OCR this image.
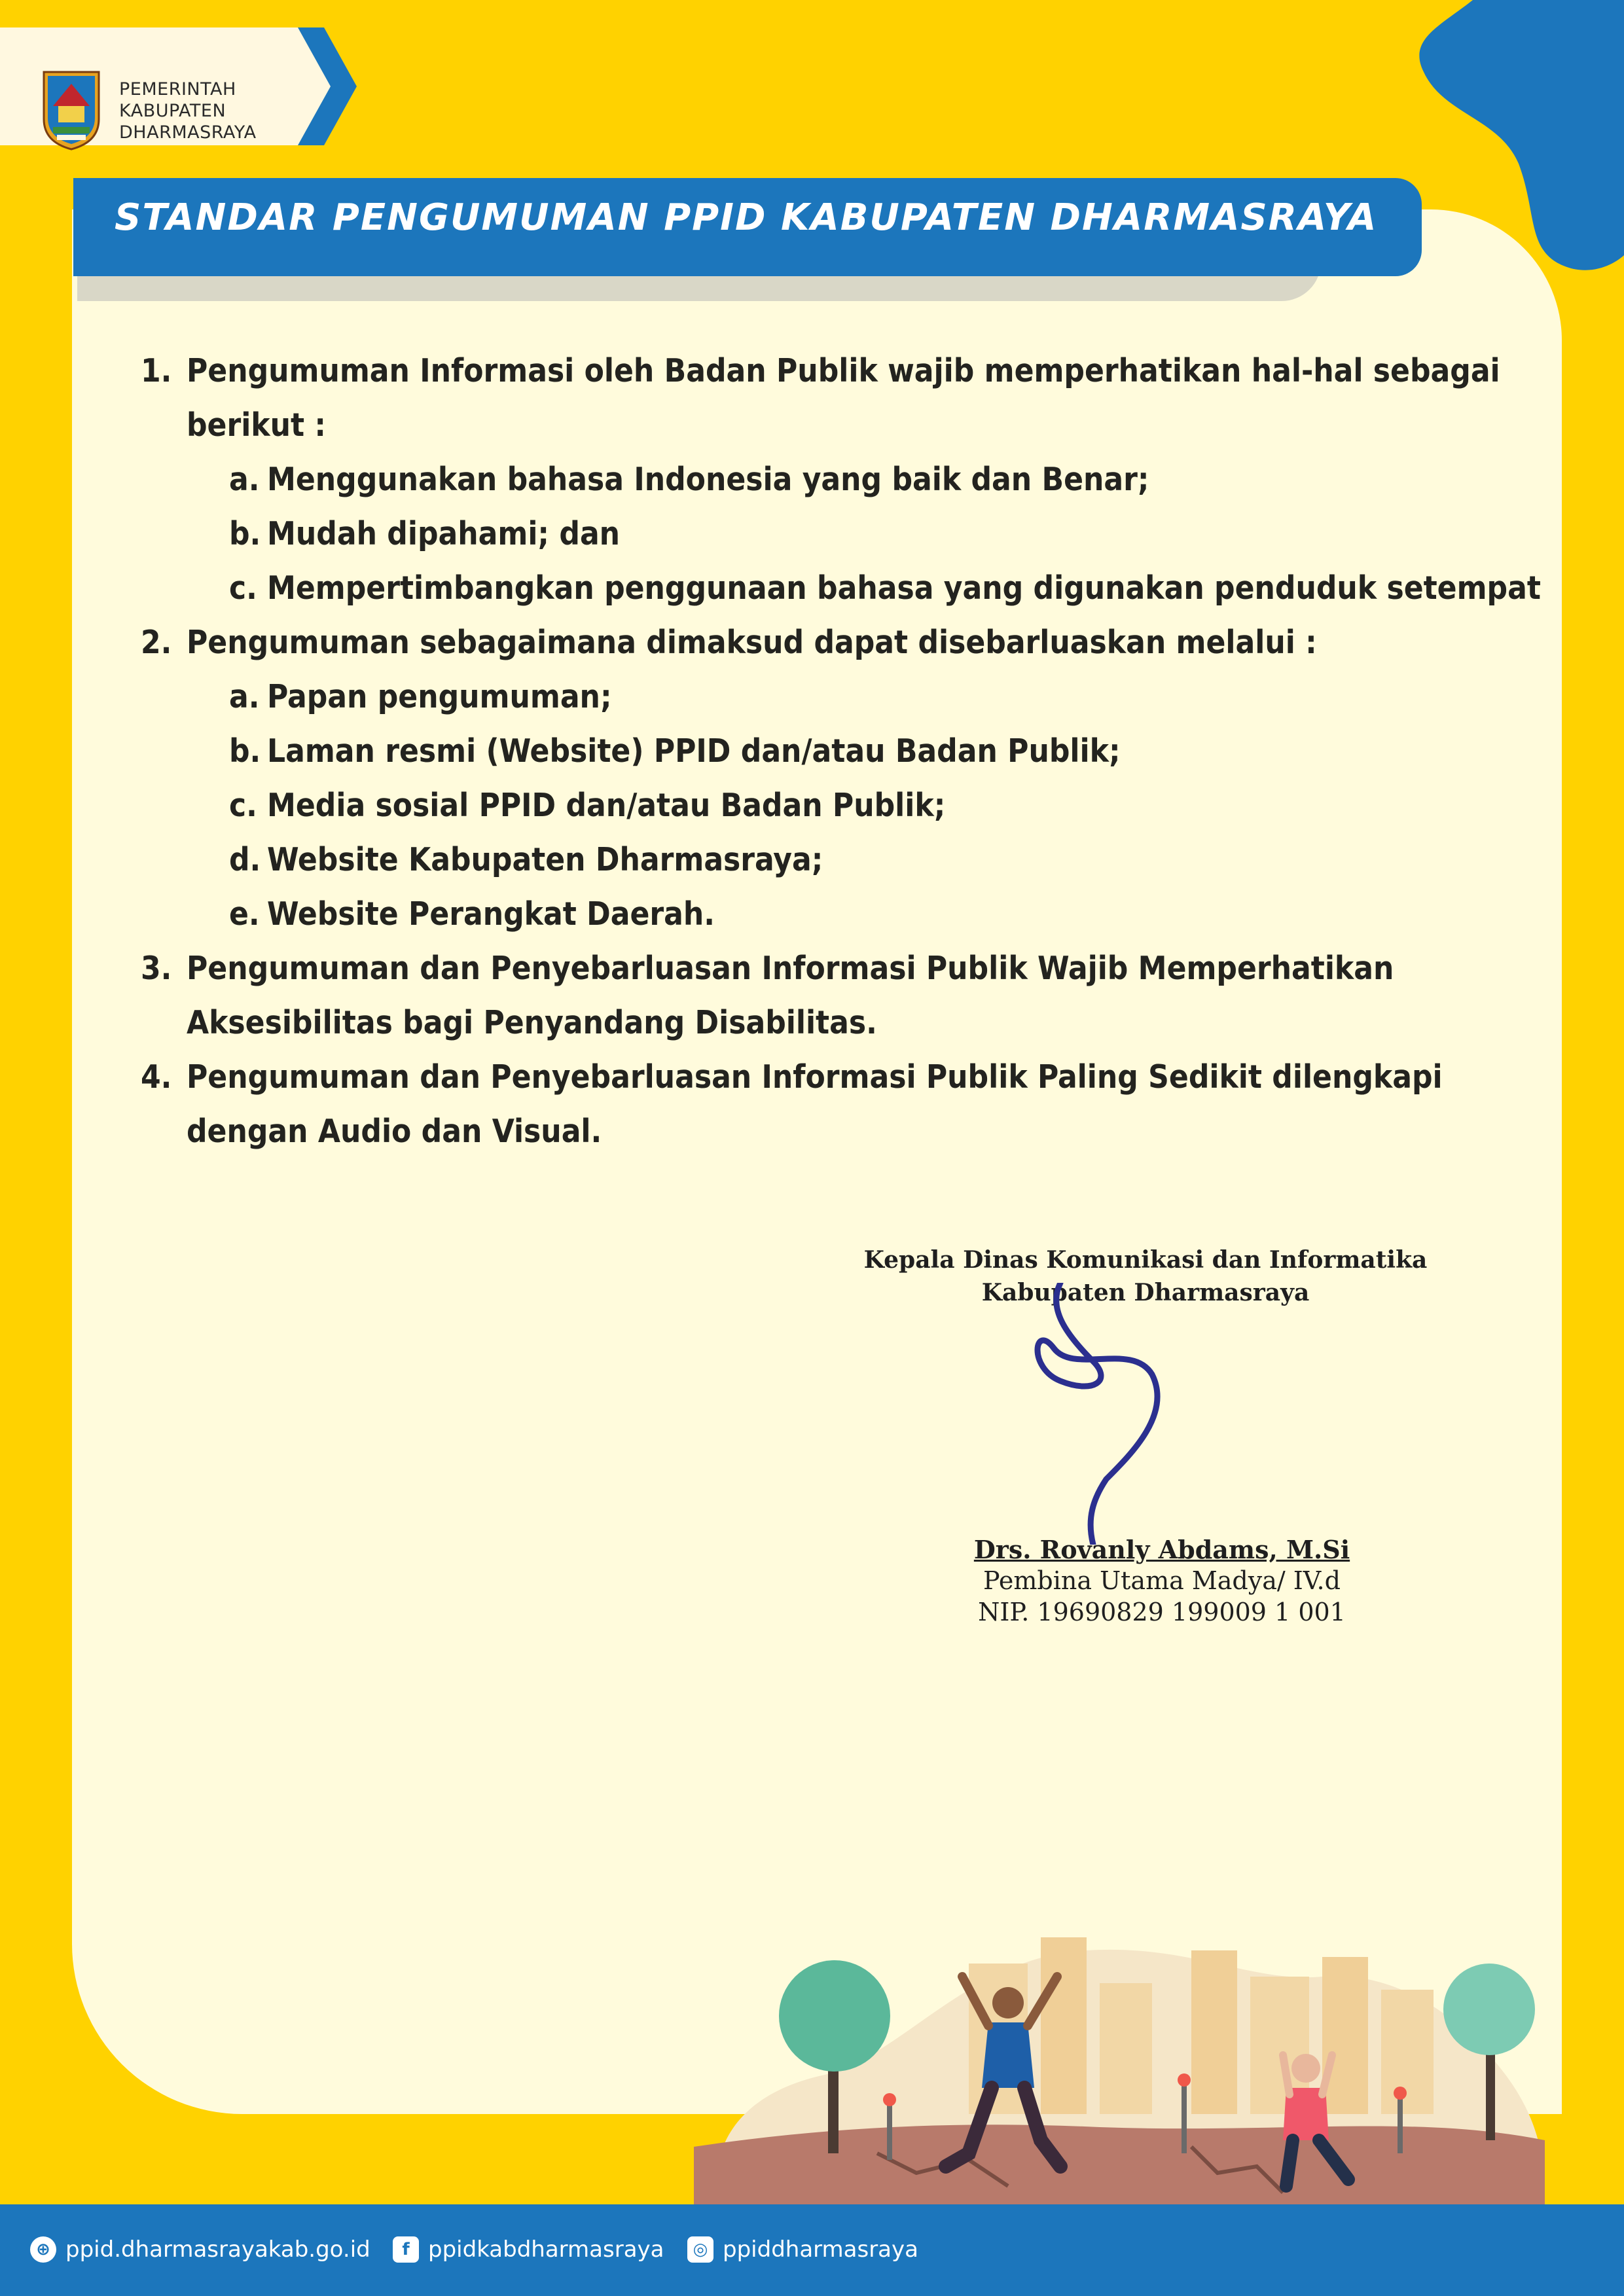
PEMERINTAH
KABUPATEN
DHARMASRAYA
STANDAR PENGUMUMAN PPID KABUPATEN DHARMASRAYA
1. Pengumuman Informasi oleh Badan Publik wajib memperhatikan hal-hal sebagai
berikut :
a. Menggunakan bahasa Indonesia yang baik dan Benar;
b. Mudah dipahami; dan
c. Mempertimbangkan penggunaan bahasa yang digunakan penduduk setempat
2. Pengumuman sebagaimana dimaksud dapat disebarluaskan melalui :
a. Papan pengumuman;
b. Laman resmi (Website) PPID dan/atau Badan Publik;
c. Media sosial PPID dan/atau Badan Publik;
d. Website Kabupaten Dharmasraya;
e. Website Perangkat Daerah.
3. Pengumuman dan Penyebarluasan Informasi Publik Wajib Memperhatikan
Aksesibilitas bagi Penyandang Disabilitas.
4. Pengumuman dan Penyebarluasan Informasi Publik Paling Sedikit dilengkapi
dengan Audio dan Visual.
Kepala Dinas Komunikasi dan Informatika
Kabupaten Dharmasraya
Drs. Rovanly Abdams, M.Si
Pembina Utama Madya/ IV.d
NIP. 19690829 199009 1 001
⊕ ppid.dharmasrayakab.go.id	f ppidkabdharmasraya	◎ ppiddharmasraya
